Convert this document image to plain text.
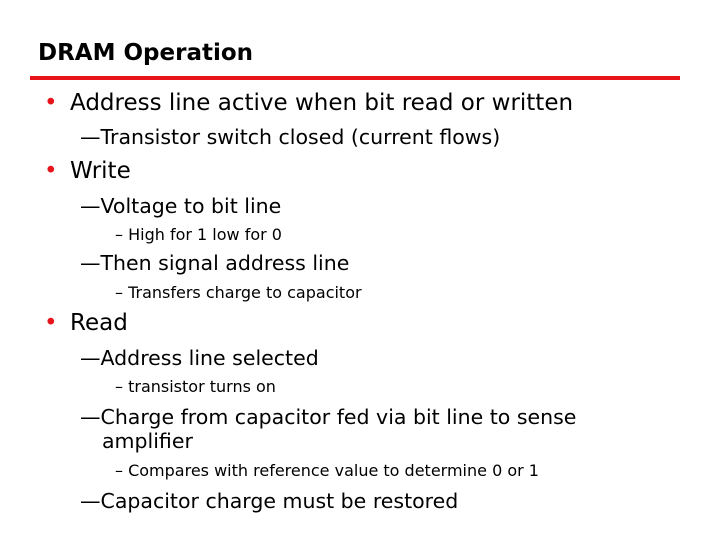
DRAM Operation
• Address line active when bit read or written
—Transistor switch closed (current flows)
• Write
—Voltage to bit line
– High for 1 low for 0
—Then signal address line
– Transfers charge to capacitor
• Read
—Address line selected
– transistor turns on
—Charge from capacitor fed via bit line to sense amplifier
– Compares with reference value to determine 0 or 1
—Capacitor charge must be restored
